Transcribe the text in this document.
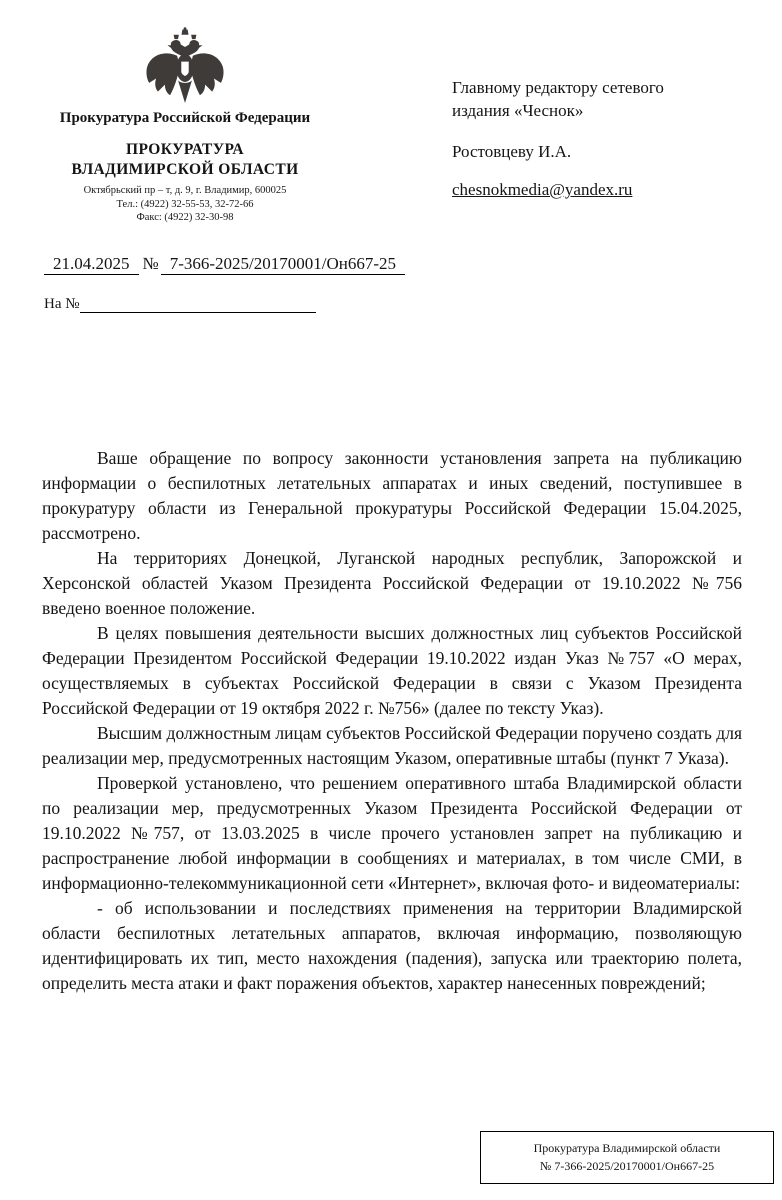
Прокуратура Российской Федерации
ПРОКУРАТУРА
ВЛАДИМИРСКОЙ ОБЛАСТИ
Октябрьский пр – т, д. 9, г. Владимир, 600025
Тел.: (4922) 32-55-53, 32-72-66
Факс: (4922) 32-30-98
Главному редактору сетевого
издания «Чеснок»
Ростовцеву И.А.
chesnokmedia@yandex.ru
21.04.2025 № 7-366-2025/20170001/Он667-25
На №

Ваше обращение по вопросу законности установления запрета на публикацию информации о беспилотных летательных аппаратах и иных сведений, поступившее в прокуратуру области из Генеральной прокуратуры Российской Федерации 15.04.2025, рассмотрено.

На территориях Донецкой, Луганской народных республик, Запорожской и Херсонской областей Указом Президента Российской Федерации от 19.10.2022 №756 введено военное положение.

В целях повышения деятельности высших должностных лиц субъектов Российской Федерации Президентом Российской Федерации 19.10.2022 издан Указ №757 «О мерах, осуществляемых в субъектах Российской Федерации в связи с Указом Президента Российской Федерации от 19 октября 2022 г. №756» (далее по тексту Указ).

Высшим должностным лицам субъектов Российской Федерации поручено создать для реализации мер, предусмотренных настоящим Указом, оперативные штабы (пункт 7 Указа).

Проверкой установлено, что решением оперативного штаба Владимирской области по реализации мер, предусмотренных Указом Президента Российской Федерации от 19.10.2022 №757, от 13.03.2025 в числе прочего установлен запрет на публикацию и распространение любой информации в сообщениях и материалах, в том числе СМИ, в информационно-телекоммуникационной сети «Интернет», включая фото- и видеоматериалы:

- об использовании и последствиях применения на территории Владимирской области беспилотных летательных аппаратов, включая информацию, позволяющую идентифицировать их тип, место нахождения (падения), запуска или траекторию полета, определить места атаки и факт поражения объектов, характер нанесенных повреждений;

Прокуратура Владимирской области
№ 7-366-2025/20170001/Он667-25
